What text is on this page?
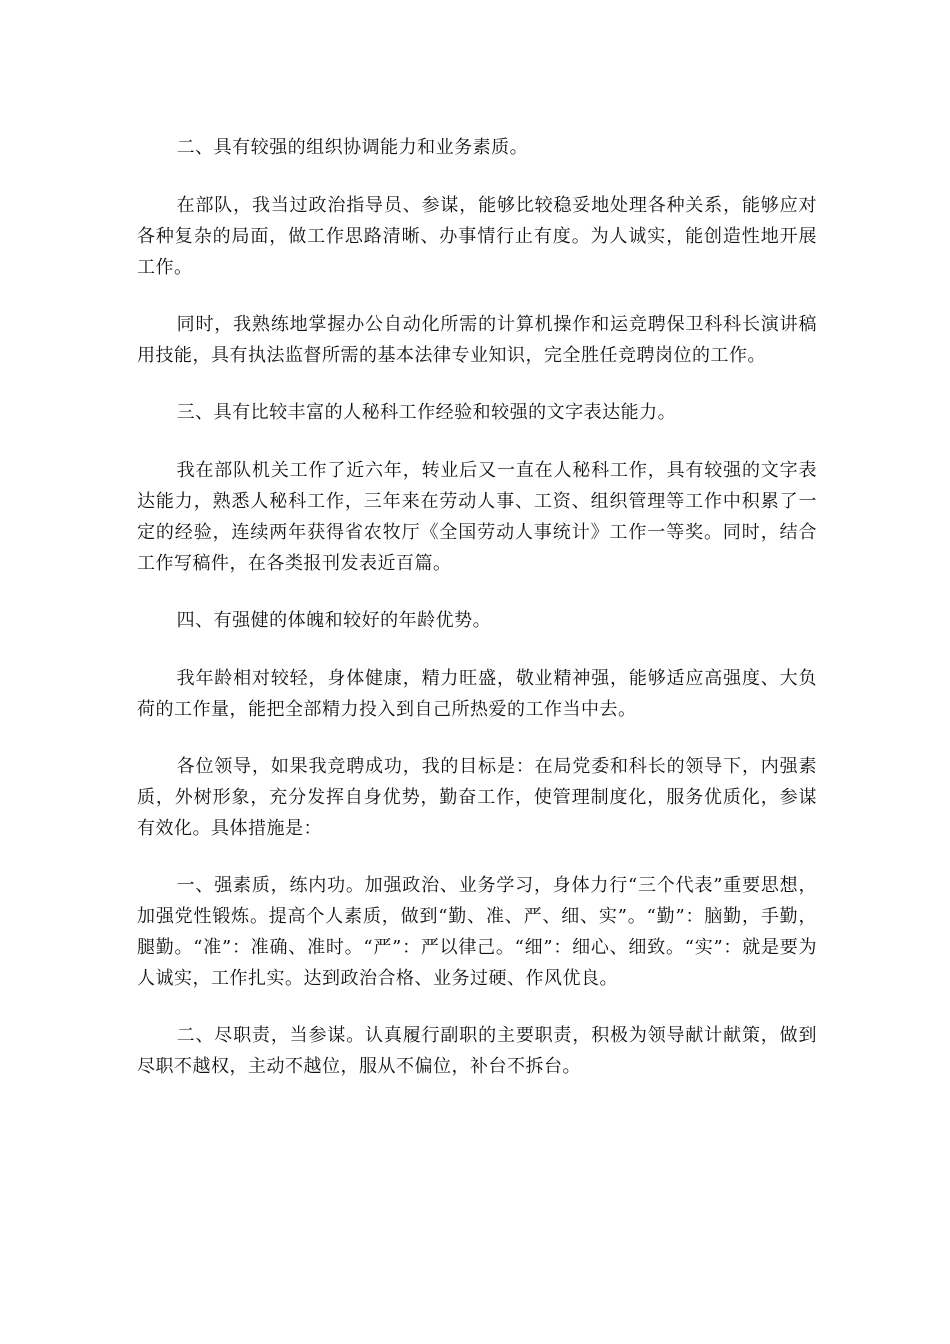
二、具有较强的组织协调能力和业务素质。

在部队，我当过政治指导员、参谋，能够比较稳妥地处理各种关系，能够应对各种复杂的局面，做工作思路清晰、办事情行止有度。为人诚实，能创造性地开展工作。

同时，我熟练地掌握办公自动化所需的计算机操作和运竞聘保卫科科长演讲稿用技能，具有执法监督所需的基本法律专业知识，完全胜任竞聘岗位的工作。

三、具有比较丰富的人秘科工作经验和较强的文字表达能力。

我在部队机关工作了近六年，转业后又一直在人秘科工作，具有较强的文字表达能力，熟悉人秘科工作，三年来在劳动人事、工资、组织管理等工作中积累了一定的经验，连续两年获得省农牧厅《全国劳动人事统计》工作一等奖。同时，结合工作写稿件，在各类报刊发表近百篇。

四、有强健的体魄和较好的年龄优势。

我年龄相对较轻，身体健康，精力旺盛，敬业精神强，能够适应高强度、大负荷的工作量，能把全部精力投入到自己所热爱的工作当中去。

各位领导，如果我竞聘成功，我的目标是：在局党委和科长的领导下，内强素质，外树形象，充分发挥自身优势，勤奋工作，使管理制度化，服务优质化，参谋有效化。具体措施是：

一、强素质，练内功。加强政治、业务学习，身体力行“三个代表”重要思想，加强党性锻炼。提高个人素质，做到“勤、准、严、细、实”。“勤”：脑勤，手勤，腿勤。“准”：准确、准时。“严”：严以律己。“细”：细心、细致。“实”：就是要为人诚实，工作扎实。达到政治合格、业务过硬、作风优良。

二、尽职责，当参谋。认真履行副职的主要职责，积极为领导献计献策，做到尽职不越权，主动不越位，服从不偏位，补台不拆台。
